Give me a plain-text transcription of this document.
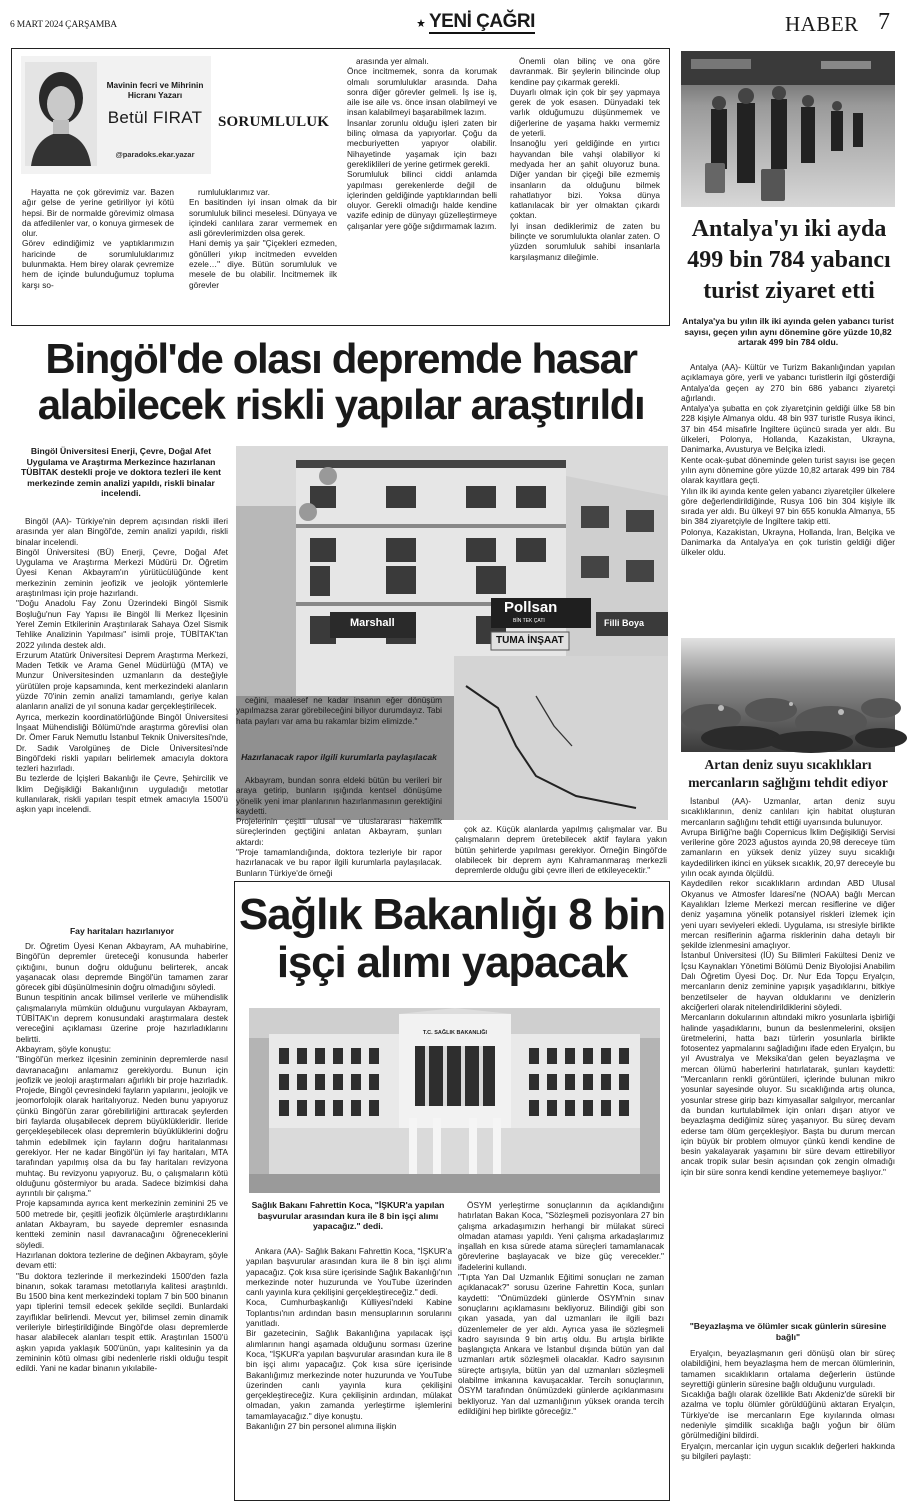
6 MART 2024 ÇARŞAMBA	YENİ ÇAĞRI	HABER 7
Mavinin fecri ve Mihrinin Hicranı Yazarı
Betül FIRAT
@paradoks.ekar.yazar
SORUMLULUK

Hayatta ne çok görevimiz var. Bazen ağır gelse de yerine getiriliyor iyi kötü hepsi. Bir de normalde görevimiz olmasa da atfedilenler var, o konuya girmesek de olur.
Görev edindiğimiz ve yaptıklarımızın haricinde de sorumluluklarımız bulunmakta. Hem birey olarak çevremize hem de içinde bulunduğumuz topluma karşı so-

rumluluklarımız var.
En basitinden iyi insan olmak da bir sorumluluk bilinci meselesi. Dünyaya ve içindeki canlılara zarar vermemek en asli görevlerimizden olsa gerek.
Hani demiş ya şair "Çiçekleri ezmeden, gönülleri yıkıp incitmeden evvelden ezele…" diye. Bütün sorumluluk ve mesele de bu olabilir. İncitmemek ilk görevler

arasında yer almalı.
Önce incitmemek, sonra da korumak olmalı sorumluluklar arasında. Daha sonra diğer görevler gelmeli. İş ise iş, aile ise aile vs. önce insan olabilmeyi ve insan kalabilmeyi başarabilmek lazım.
İnsanlar zorunlu olduğu işleri zaten bir bilinç olmasa da yapıyorlar. Çoğu da mecburiyetten yapıyor olabilir. Nihayetinde yaşamak için bazı gerekliklileri de yerine getirmek gerekli.
Sorumluluk bilinci ciddi anlamda yapılması gerekenlerde değil de içlerinden geldiğinde yaptıklarından belli oluyor. Gerekli olmadığı halde kendine vazife edinip de dünyayı güzelleştirmeye çalışanlar yere göğe sığdırmamak lazım.

Önemli olan bilinç ve ona göre davranmak. Bir şeylerin bilincinde olup kendine pay çıkarmak gerekli.
Duyarlı olmak için çok bir şey yapmaya gerek de yok esasen. Dünyadaki tek varlık olduğumuzu düşünmemek ve diğerlerine de yaşama hakkı vermemiz de yeterli.
İnsanoğlu yeri geldiğinde en yırtıcı hayvandan bile vahşi olabiliyor ki medyada her an şahit oluyoruz buna. Diğer yandan bir çiçeği bile ezmemiş insanların da olduğunu bilmek rahatlatıyor bizi. Yoksa dünya katlanılacak bir yer olmaktan çıkardı çoktan.
İyi insan dediklerimiz de zaten bu bilinçte ve sorumlulukta olanlar zaten. O yüzden sorumluluk sahibi insanlarla karşılaşmanız dileğimle.

Antalya'yı iki ayda 499 bin 784 yabancı turist ziyaret etti
Antalya'ya bu yılın ilk iki ayında gelen yabancı turist sayısı, geçen yılın aynı dönemine göre yüzde 10,82 artarak 499 bin 784 oldu.

Antalya (AA)- Kültür ve Turizm Bakanlığından yapılan açıklamaya göre, yerli ve yabancı turistlerin ilgi gösterdiği Antalya'da geçen ay 270 bin 686 yabancı ziyaretçi ağırlandı.
Antalya'ya şubatta en çok ziyaretçinin geldiği ülke 58 bin 228 kişiyle Almanya oldu. 48 bin 937 turistle Rusya ikinci, 37 bin 454 misafirle İngiltere üçüncü sırada yer aldı. Bu ülkeleri, Polonya, Hollanda, Kazakistan, Ukrayna, Danimarka, Avusturya ve Belçika izledi.
Kente ocak-şubat döneminde gelen turist sayısı ise geçen yılın aynı dönemine göre yüzde 10,82 artarak 499 bin 784 olarak kayıtlara geçti.
Yılın ilk iki ayında kente gelen yabancı ziyaretçiler ülkelere göre değerlendirildiğinde, Rusya 106 bin 304 kişiyle ilk sırada yer aldı. Bu ülkeyi 97 bin 655 konukla Almanya, 55 bin 384 ziyaretçiyle de İngiltere takip etti.
Polonya, Kazakistan, Ukrayna, Hollanda, İran, Belçika ve Danimarka da Antalya'ya en çok turistin geldiği diğer ülkeler oldu.

Artan deniz suyu sıcaklıkları
mercanların sağlığını tehdit ediyor

İstanbul (AA)- Uzmanlar, artan deniz suyu sıcaklıklarının, deniz canlıları için habitat oluşturan mercanların sağlığını tehdit ettiği uyarısında bulunuyor.
Avrupa Birliği'ne bağlı Copernicus İklim Değişikliği Servisi verilerine göre 2023 ağustos ayında 20,98 dereceye tüm zamanların en yüksek deniz yüzey suyu sıcaklığı kaydedilirken ikinci en yüksek sıcaklık, 20,97 dereceyle bu yılın ocak ayında ölçüldü.
Kaydedilen rekor sıcaklıkların ardından ABD Ulusal Okyanus ve Atmosfer İdaresi'ne (NOAA) bağlı Mercan Kayalıkları İzleme Merkezi mercan resiflerine ve diğer deniz yaşamına yönelik potansiyel riskleri izlemek için yeni uyarı seviyeleri ekledi. Uygulama, ısı stresiyle birlikte mercan resiflerinin ağarma risklerinin daha detaylı bir şekilde izlenmesini amaçlıyor.
İstanbul Üniversitesi (İÜ) Su Bilimleri Fakültesi Deniz ve İçsu Kaynakları Yönetimi Bölümü Deniz Biyolojisi Anabilim Dalı Öğretim Üyesi Doç. Dr. Nur Eda Topçu Eryalçın, mercanların deniz zeminine yapışık yaşadıklarını, bitkiye benzetilseler de hayvan olduklarını ve denizlerin akciğerleri olarak nitelendirildiklerini söyledi.
Mercanların dokularının altındaki mikro yosunlarla işbirliği halinde yaşadıklarını, bunun da beslenmelerini, oksijen üretmelerini, hatta bazı türlerin yosunlarla birlikte fotosentez yapmalarını sağladığını ifade eden Eryalçın, bu yıl Avustralya ve Meksika'dan gelen beyazlaşma ve mercan ölümü haberlerini hatırlatarak, şunları kaydetti: "Mercanların renkli görüntüleri, içlerinde bulunan mikro yosunlar sayesinde oluyor. Su sıcaklığında artış olunca, yosunlar strese girip bazı kimyasallar salgılıyor, mercanlar da bundan kurtulabilmek için onları dışarı atıyor ve beyazlaşma dediğimiz süreç yaşanıyor. Bu süreç devam ederse tam ölüm gerçekleşiyor. Başta bu durum mercan için büyük bir problem olmuyor çünkü kendi kendine de besin yakalayarak yaşamını bir süre devam ettirebiliyor ancak tropik sular besin açısından çok zengin olmadığı için bir süre sonra kendi kendine yetememeye başlıyor."

"Beyazlaşma ve ölümler sıcak günlerin süresine bağlı"

Eryalçın, beyazlaşmanın geri dönüşü olan bir süreç olabildiğini, hem beyazlaşma hem de mercan ölümlerinin, tamamen sıcaklıkların ortalama değerlerin üstünde seyrettiği günlerin süresine bağlı olduğunu vurguladı.
Sıcaklığa bağlı olarak özellikle Batı Akdeniz'de sürekli bir azalma ve toplu ölümler görüldüğünü aktaran Eryalçın, Türkiye'de ise mercanların Ege kıyılarında olması nedeniyle şimdilik sıcaklığa bağlı yoğun bir ölüm görülmediğini bildirdi.
Eryalçın, mercanlar için uygun sıcaklık değerleri hakkında şu bilgileri paylaştı:

Bingöl'de olası depremde hasar
alabilecek riskli yapılar araştırıldı
Bingöl Üniversitesi Enerji, Çevre, Doğal Afet Uygulama ve Araştırma Merkezince hazırlanan TÜBİTAK destekli proje ve doktora tezleri ile kent merkezinde zemin analizi yapıldı, riskli binalar incelendi.

Bingöl (AA)- Türkiye'nin deprem açısından riskli illeri arasında yer alan Bingöl'de, zemin analizi yapıldı, riskli binalar incelendi.
Bingöl Üniversitesi (BÜ) Enerji, Çevre, Doğal Afet Uygulama ve Araştırma Merkezi Müdürü Dr. Öğretim Üyesi Kenan Akbayram'ın yürütücülüğünde kent merkezinin zeminin jeofizik ve jeolojik yöntemlerle araştırılması için proje hazırlandı.
"Doğu Anadolu Fay Zonu Üzerindeki Bingöl Sismik Boşluğu'nun Fay Yapısı ile Bingöl İli Merkez İlçesinin Yerel Zemin Etkilerinin Araştırılarak Sahaya Özel Sismik Tehlike Analizinin Yapılması" isimli proje, TÜBİTAK'tan 2022 yılında destek aldı.
Erzurum Atatürk Üniversitesi Deprem Araştırma Merkezi, Maden Tetkik ve Arama Genel Müdürlüğü (MTA) ve Munzur Üniversitesinden uzmanların da desteğiyle yürütülen proje kapsamında, kent merkezindeki alanların yüzde 70'inin zemin analizi tamamlandı, geriye kalan alanların analizi de yıl sonuna kadar gerçekleştirilecek.
Ayrıca, merkezin koordinatörlüğünde Bingöl Üniversitesi İnşaat Mühendisliği Bölümü'nde araştırma görevlisi olan Dr. Ömer Faruk Nemutlu İstanbul Teknik Üniversitesi'nde, Dr. Sadık Varolgüneş de Dicle Üniversitesi'nde Bingöl'deki riskli yapıları belirlemek amacıyla doktora tezleri hazırladı.
Bu tezlerde de İçişleri Bakanlığı ile Çevre, Şehircilik ve İklim Değişikliği Bakanlığının uyguladığı metotlar kullanılarak, riskli yapıları tespit etmek amacıyla 1500'ü aşkın yapı incelendi.

Fay haritaları hazırlanıyor

Dr. Öğretim Üyesi Kenan Akbayram, AA muhabirine, Bingöl'ün depremler üreteceği konusunda haberler çıktığını, bunun doğru olduğunu belirterek, ancak yaşanacak olası depremde Bingöl'ün tamamen zarar görecek gibi düşünülmesinin doğru olmadığını söyledi.
Bunun tespitinin ancak bilimsel verilerle ve mühendislik çalışmalarıyla mümkün olduğunu vurgulayan Akbayram, TÜBİTAK'ın deprem konusundaki araştırmalara destek vereceğini açıklaması üzerine proje hazırladıklarını belirtti.
Akbayram, şöyle konuştu:
"Bingöl'ün merkez ilçesinin zemininin depremlerde nasıl davranacağını anlamamız gerekiyordu. Bunun için jeofizik ve jeoloji araştırmaları ağırlıklı bir proje hazırladık. Projede, Bingöl çevresindeki fayların yapılarını, jeolojik ve jeomorfolojik olarak haritalıyoruz. Neden bunu yapıyoruz çünkü Bingöl'ün zarar görebilirliğini arttıracak şeylerden biri faylarda oluşabilecek deprem büyüklükleridir. İleride gerçekleşebilecek olası depremlerin büyüklüklerini doğru tahmin edebilmek için fayların doğru haritalanması gerekiyor. Her ne kadar Bingöl'ün iyi fay haritaları, MTA tarafından yapılmış olsa da bu fay haritaları revizyona muhtaç. Bu revizyonu yapıyoruz. Bu, o çalışmaların kötü olduğunu göstermiyor bu arada. Sadece bizimkisi daha ayrıntılı bir çalışma."
Proje kapsamında ayrıca kent merkezinin zeminini 25 ve 500 metrede bir, çeşitli jeofizik ölçümlerle araştırdıklarını anlatan Akbayram, bu sayede depremler esnasında kentteki zeminin nasıl davranacağını öğreneceklerini söyledi.
Hazırlanan doktora tezlerine de değinen Akbayram, şöyle devam etti:
"Bu doktora tezlerinde il merkezindeki 1500'den fazla binanın, sokak taraması metotlarıyla kalitesi araştırıldı. Bu 1500 bina kent merkezindeki toplam 7 bin 500 binanın yapı tiplerini temsil edecek şekilde seçildi. Bunlardaki zayıflıklar belirlendi. Mevcut yer, bilimsel zemin dinamik verileriyle birleştirildiğinde Bingöl'de olası depremlerde hasar alabilecek alanları tespit ettik. Araştırılan 1500'ü aşkın yapıda yaklaşık 500'ünün, yapı kalitesinin ya da zemininin kötü olması gibi nedenlerle riskli olduğu tespit edildi. Yani ne kadar binanın yıkılabile-

Marshall
Pollsan
BİN TEK ÇATI	Filli Boya
TUMA İNŞAAT

ceğini, maalesef ne kadar insanın eğer dönüşüm yapılmazsa zarar görebileceğini biliyor durumdayız. Tabi hata payları var ama bu rakamlar bizim elimizde."

Hazırlanacak rapor ilgili kurumlarla paylaşılacak

Akbayram, bundan sonra eldeki bütün bu verileri bir araya getirip, bunların ışığında kentsel dönüşüme yönelik yeni imar planlarının hazırlanmasının gerektiğini kaydetti.
Projelerinin çeşitli ulusal ve uluslararası hakemlik süreçlerinden geçtiğini anlatan Akbayram, şunları aktardı:
"Proje tamamlandığında, doktora tezleriyle bir rapor hazırlanacak ve bu rapor ilgili kurumlarla paylaşılacak. Bunların Türkiye'de örneği

çok az. Küçük alanlarda yapılmış çalışmalar var. Bu çalışmaların deprem üretebilecek aktif faylara yakın bütün şehirlerde yapılması gerekiyor. Örneğin Bingöl'de olabilecek bir deprem aynı Kahramanmaraş merkezli depremlerde olduğu gibi çevre illeri de etkileyecektir."

Sağlık Bakanlığı 8 bin
işçi alımı yapacak
T.C. SAĞLIK BAKANLIĞI
Sağlık Bakanı Fahrettin Koca, "İŞKUR'a yapılan başvurular arasından kura ile 8 bin işçi alımı yapacağız." dedi.

Ankara (AA)- Sağlık Bakanı Fahrettin Koca, "İŞKUR'a yapılan başvurular arasından kura ile 8 bin işçi alımı yapacağız. Çok kısa süre içerisinde Sağlık Bakanlığı'nın merkezinde noter huzurunda ve YouTube üzerinden canlı yayınla kura çekilişini gerçekleştireceğiz." dedi.
Koca, Cumhurbaşkanlığı Külliyesi'ndeki Kabine Toplantısı'nın ardından basın mensuplarının sorularını yanıtladı.
Bir gazetecinin, Sağlık Bakanlığına yapılacak işçi alımlarının hangi aşamada olduğunu sorması üzerine Koca, "İŞKUR'a yapılan başvurular arasından kura ile 8 bin işçi alımı yapacağız. Çok kısa süre içerisinde Bakanlığımız merkezinde noter huzurunda ve YouTube üzerinden canlı yayınla kura çekilişini gerçekleştireceğiz. Kura çekilişinin ardından, mülakat olmadan, yakın zamanda yerleştirme işlemlerini tamamlayacağız." diye konuştu.
Bakanlığın 27 bin personel alımına ilişkin

ÖSYM yerleştirme sonuçlarının da açıklandığını hatırlatan Bakan Koca, "Sözleşmeli pozisyonlara 27 bin çalışma arkadaşımızın herhangi bir mülakat süreci olmadan ataması yapıldı. Yeni çalışma arkadaşlarımız inşallah en kısa sürede atama süreçleri tamamlanacak görevlerine başlayacak ve bize güç verecekler." ifadelerini kullandı.
"Tıpta Yan Dal Uzmanlık Eğitimi sonuçları ne zaman açıklanacak?" sorusu üzerine Fahrettin Koca, şunları kaydetti: "Önümüzdeki günlerde ÖSYM'nin sınav sonuçlarını açıklamasını bekliyoruz. Bilindiği gibi son çıkan yasada, yan dal uzmanları ile ilgili bazı düzenlemeler de yer aldı. Ayrıca yasa ile sözleşmeli kadro sayısında 9 bin artış oldu. Bu artışla birlikte başlangıçta Ankara ve İstanbul dışında bütün yan dal uzmanları artık sözleşmeli olacaklar. Kadro sayısının süreçte artışıyla, bütün yan dal uzmanları sözleşmeli olabilme imkanına kavuşacaklar. Tercih sonuçlarının, ÖSYM tarafından önümüzdeki günlerde açıklanmasını bekliyoruz. Yan dal uzmanlığının yüksek oranda tercih edildiğini hep birlikte göreceğiz."
